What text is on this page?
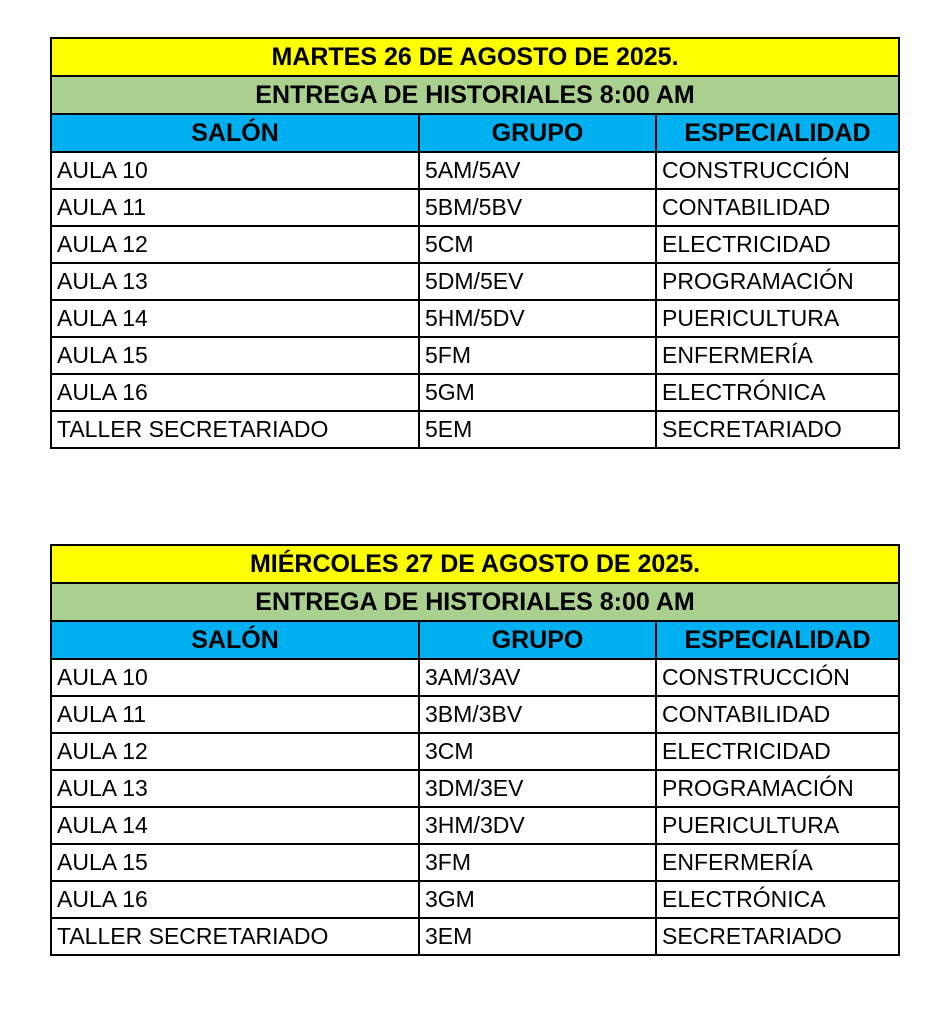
MARTES 26 DE AGOSTO DE 2025.		
ENTREGA DE HISTORIALES 8:00 AM		
SALÓN	GRUPO	ESPECIALIDAD
AULA 10	5AM/5AV	CONSTRUCCIÓN
AULA 11	5BM/5BV	CONTABILIDAD
AULA 12	5CM	ELECTRICIDAD
AULA 13	5DM/5EV	PROGRAMACIÓN
AULA 14	5HM/5DV	PUERICULTURA
AULA 15	5FM	ENFERMERÍA
AULA 16	5GM	ELECTRÓNICA
TALLER SECRETARIADO	5EM	SECRETARIADO
MIÉRCOLES 27 DE AGOSTO DE 2025.		
ENTREGA DE HISTORIALES 8:00 AM		
SALÓN	GRUPO	ESPECIALIDAD
AULA 10	3AM/3AV	CONSTRUCCIÓN
AULA 11	3BM/3BV	CONTABILIDAD
AULA 12	3CM	ELECTRICIDAD
AULA 13	3DM/3EV	PROGRAMACIÓN
AULA 14	3HM/3DV	PUERICULTURA
AULA 15	3FM	ENFERMERÍA
AULA 16	3GM	ELECTRÓNICA
TALLER SECRETARIADO	3EM	SECRETARIADO
